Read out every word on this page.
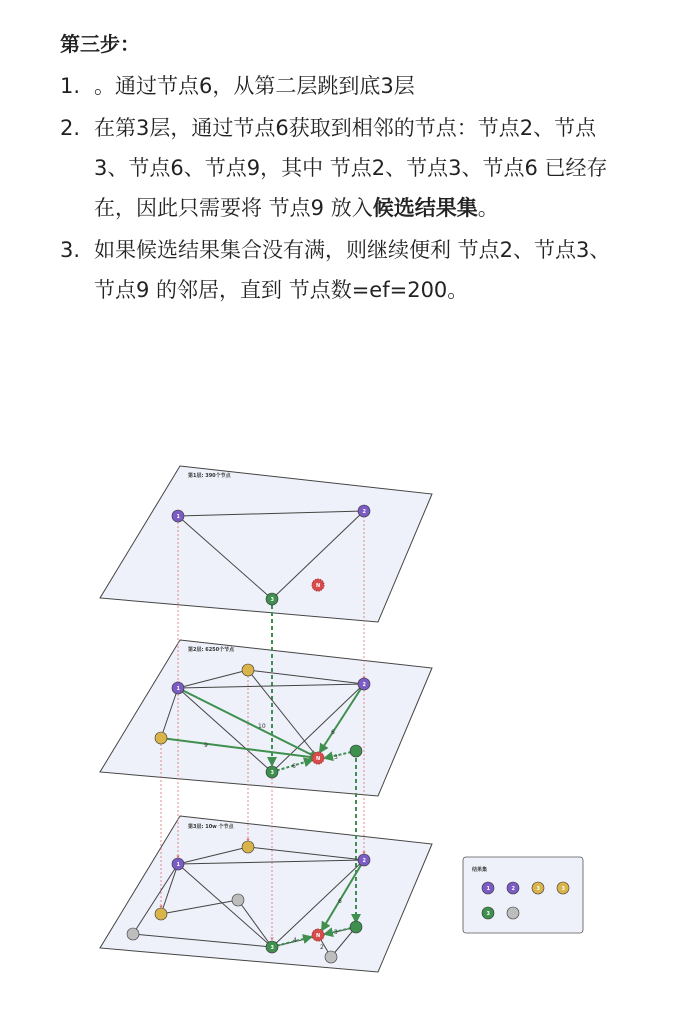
第三步：
1. 。通过节点6，从第二层跳到底3层
2. 在第3层，通过节点6获取到相邻的节点：节点2、节点3、节点6、节点9，其中 节点2、节点3、节点6 已经存在，因此只需要将 节点9 放入候选结果集。
3. 如果候选结果集合没有满，则继续便利 节点2、节点3、节点9 的邻居，直到 节点数=ef=200。
第1层: 390个节点
第2层: 6250个节点
第3层: 10w 个节点
10
6
9
6
3
6
4
3
2
1
2
3
N
1
2
3
N
1
2
3
N
结果集
1	2	3	3
3
